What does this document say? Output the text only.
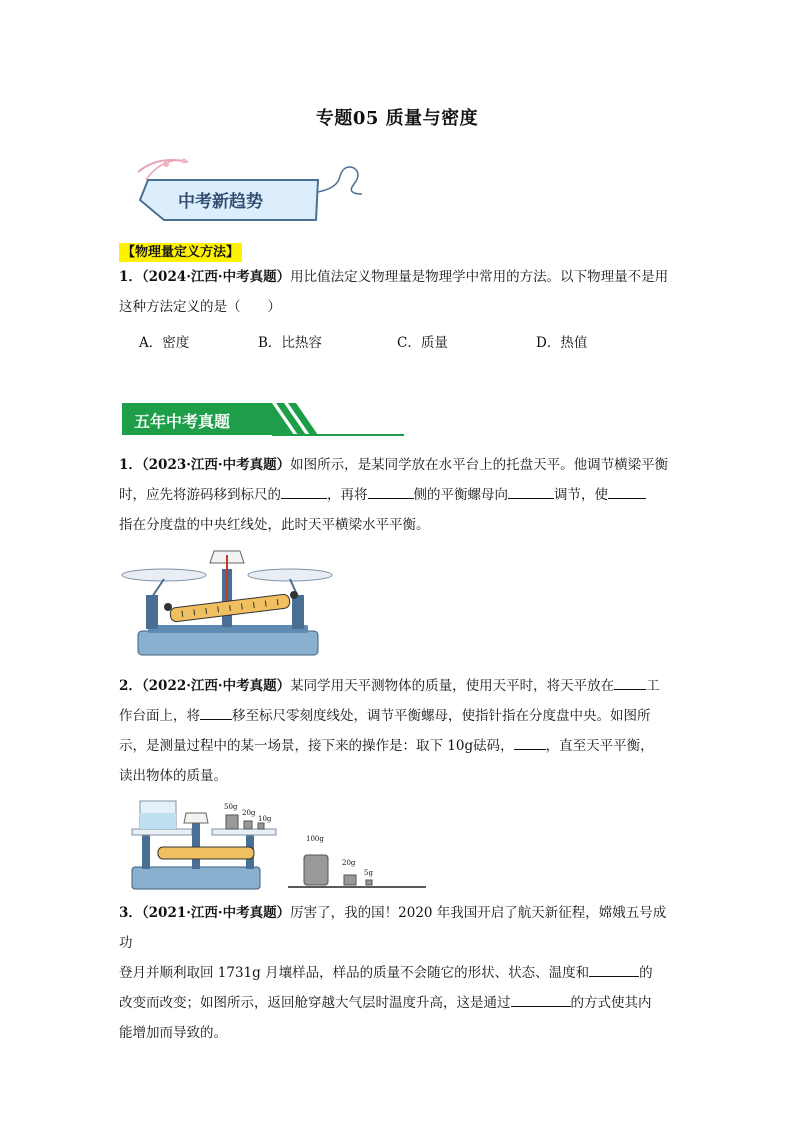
专题05 质量与密度
中考新趋势
【物理量定义方法】
1．（2024·江西·中考真题）用比值法定义物理量是物理学中常用的方法。以下物理量不是用
这种方法定义的是（　　）
A．密度	B．比热容	C．质量	D．热值
五年中考真题
1．（2023·江西·中考真题）如图所示，是某同学放在水平台上的托盘天平。他调节横梁平衡
时，应先将游码移到标尺的	，再将	侧的平衡螺母向	调节，使
指在分度盘的中央红线处，此时天平横梁水平平衡。
2．（2022·江西·中考真题）某同学用天平测物体的质量，使用天平时，将天平放在 工
作台面上，将 移至标尺零刻度线处，调节平衡螺母，使指针指在分度盘中央。如图所
示，是测量过程中的某一场景，接下来的操作是：取下 10g砝码， ，直至天平平衡，
读出物体的质量。
50g
20g
10g
100g
20g
5g
3．（2021·江西·中考真题）厉害了，我的国！2020 年我国开启了航天新征程，嫦娥五号成功
登月并顺利取回 1731g 月壤样品，样品的质量不会随它的形状、状态、温度和	的
改变而改变；如图所示，返回舱穿越大气层时温度升高，这是通过	的方式使其内
能增加而导致的。
